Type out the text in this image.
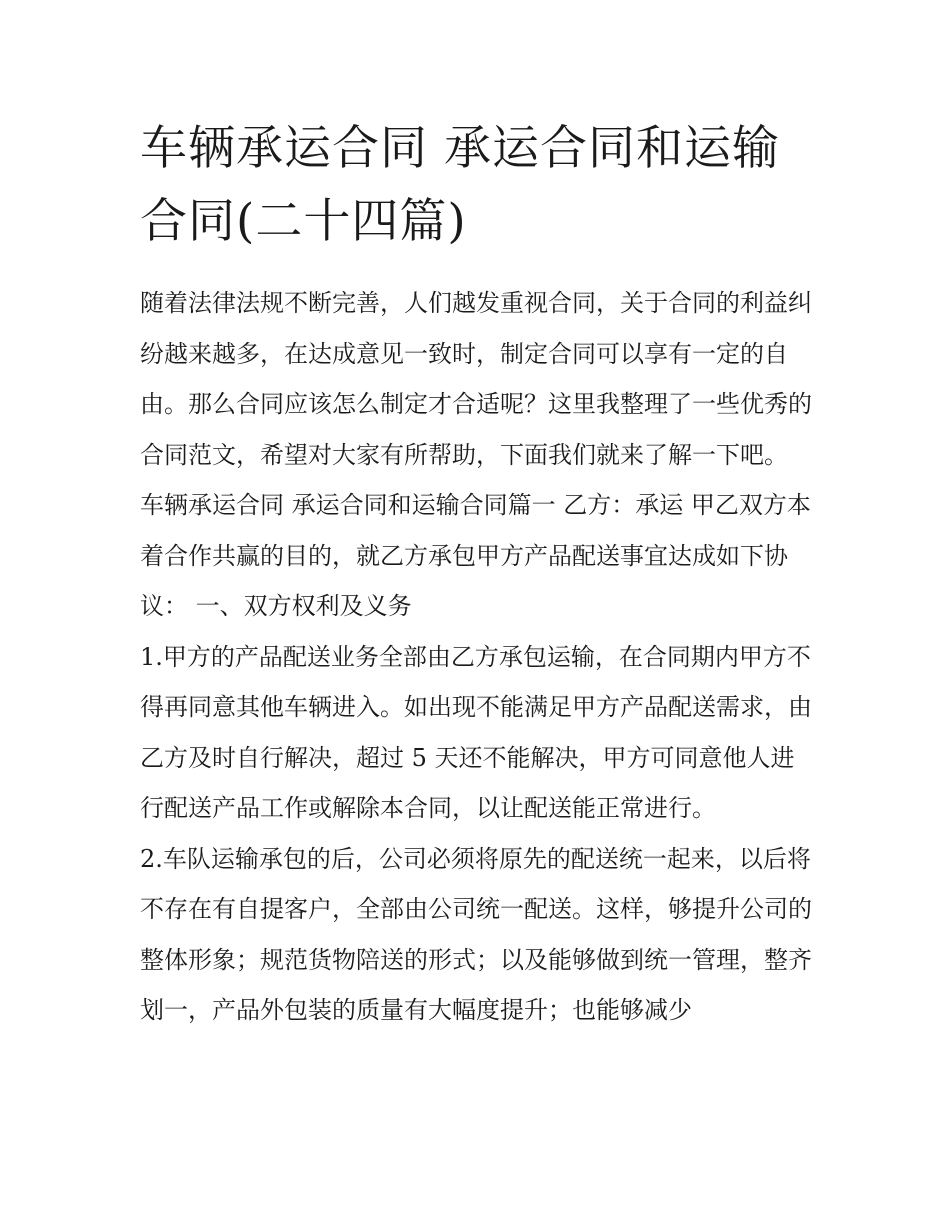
车辆承运合同 承运合同和运输合同(二十四篇)

随着法律法规不断完善，人们越发重视合同，关于合同的利益纠纷越来越多，在达成意见一致时，制定合同可以享有一定的自由。那么合同应该怎么制定才合适呢？这里我整理了一些优秀的合同范文，希望对大家有所帮助，下面我们就来了解一下吧。

车辆承运合同 承运合同和运输合同篇一 乙方：承运 甲乙双方本着合作共赢的目的，就乙方承包甲方产品配送事宜达成如下协议： 一、双方权利及义务

1.甲方的产品配送业务全部由乙方承包运输，在合同期内甲方不得再同意其他车辆进入。如出现不能满足甲方产品配送需求，由乙方及时自行解决，超过 5 天还不能解决，甲方可同意他人进行配送产品工作或解除本合同，以让配送能正常进行。

2.车队运输承包的后，公司必须将原先的配送统一起来，以后将不存在有自提客户，全部由公司统一配送。这样，够提升公司的整体形象；规范货物陪送的形式；以及能够做到统一管理，整齐划一，产品外包装的质量有大幅度提升；也能够减少
